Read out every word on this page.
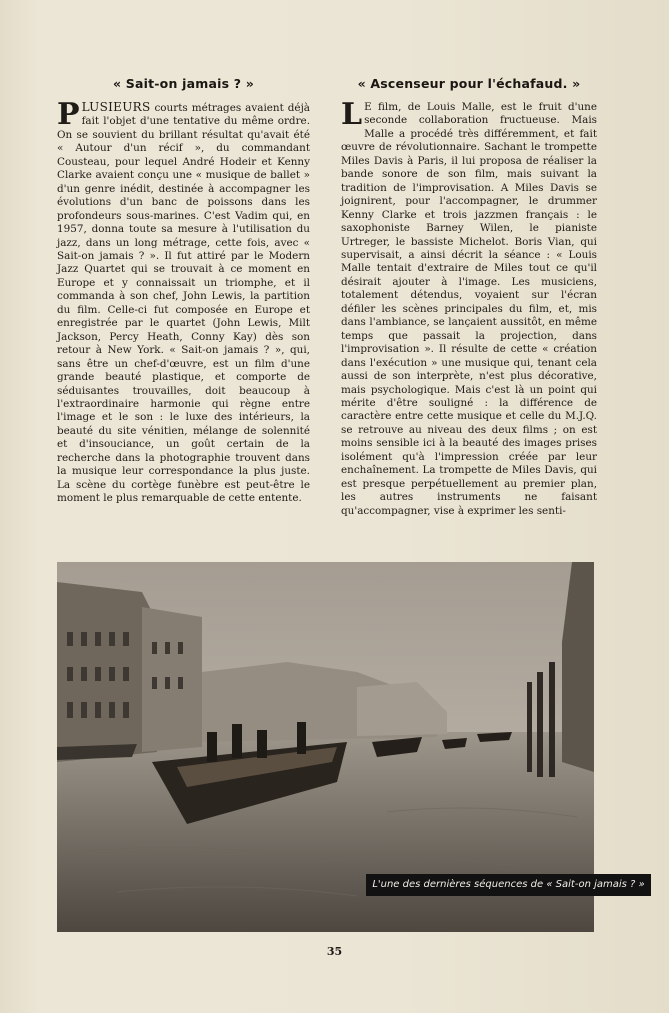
« Sait-on jamais ? »

PLUSIEURS courts métrages avaient déjà fait l'objet d'une tentative du même ordre. On se souvient du brillant résultat qu'avait été « Autour d'un récif », du commandant Cousteau, pour lequel André Hodeir et Kenny Clarke avaient conçu une « musique de ballet » d'un genre inédit, destinée à accompagner les évolutions d'un banc de poissons dans les profondeurs sous-marines. C'est Vadim qui, en 1957, donna toute sa mesure à l'utilisation du jazz, dans un long métrage, cette fois, avec « Sait-on jamais ? ». Il fut attiré par le Modern Jazz Quartet qui se trouvait à ce moment en Europe et y connaissait un triomphe, et il commanda à son chef, John Lewis, la partition du film. Celle-ci fut composée en Europe et enregistrée par le quartet (John Lewis, Milt Jackson, Percy Heath, Conny Kay) dès son retour à New York. « Sait-on jamais ? », qui, sans être un chef-d'œuvre, est un film d'une grande beauté plastique, et comporte de séduisantes trouvailles, doit beaucoup à l'extraordinaire harmonie qui règne entre l'image et le son : le luxe des intérieurs, la beauté du site vénitien, mélange de solennité et d'insouciance, un goût certain de la recherche dans la photographie trouvent dans la musique leur correspondance la plus juste. La scène du cortège funèbre est peut-être le moment le plus remarquable de cette entente.

« Ascenseur pour l'échafaud. »

L E film, de Louis Malle, est le fruit d'une seconde collaboration fructueuse. Mais Malle a procédé très différemment, et fait œuvre de révolutionnaire. Sachant le trompette Miles Davis à Paris, il lui proposa de réaliser la bande sonore de son film, mais suivant la tradition de l'improvisation. A Miles Davis se joignirent, pour l'accompagner, le drummer Kenny Clarke et trois jazzmen français : le saxophoniste Barney Wilen, le pianiste Urtreger, le bassiste Michelot. Boris Vian, qui supervisait, a ainsi décrit la séance : « Louis Malle tentait d'extraire de Miles tout ce qu'il désirait ajouter à l'image. Les musiciens, totalement détendus, voyaient sur l'écran défiler les scènes principales du film, et, mis dans l'ambiance, se lançaient aussitôt, en même temps que passait la projection, dans l'improvisation ». Il résulte de cette « création dans l'exécution » une musique qui, tenant cela aussi de son interprète, n'est plus décorative, mais psychologique. Mais c'est là un point qui mérite d'être souligné : la différence de caractère entre cette musique et celle du M.J.Q. se retrouve au niveau des deux films ; on est moins sensible ici à la beauté des images prises isolément qu'à l'impression créée par leur enchaînement. La trompette de Miles Davis, qui est presque perpétuellement au premier plan, les autres instruments ne faisant qu'accompagner, vise à exprimer les senti-

L'une des dernières séquences de « Sait-on jamais ? »
35
